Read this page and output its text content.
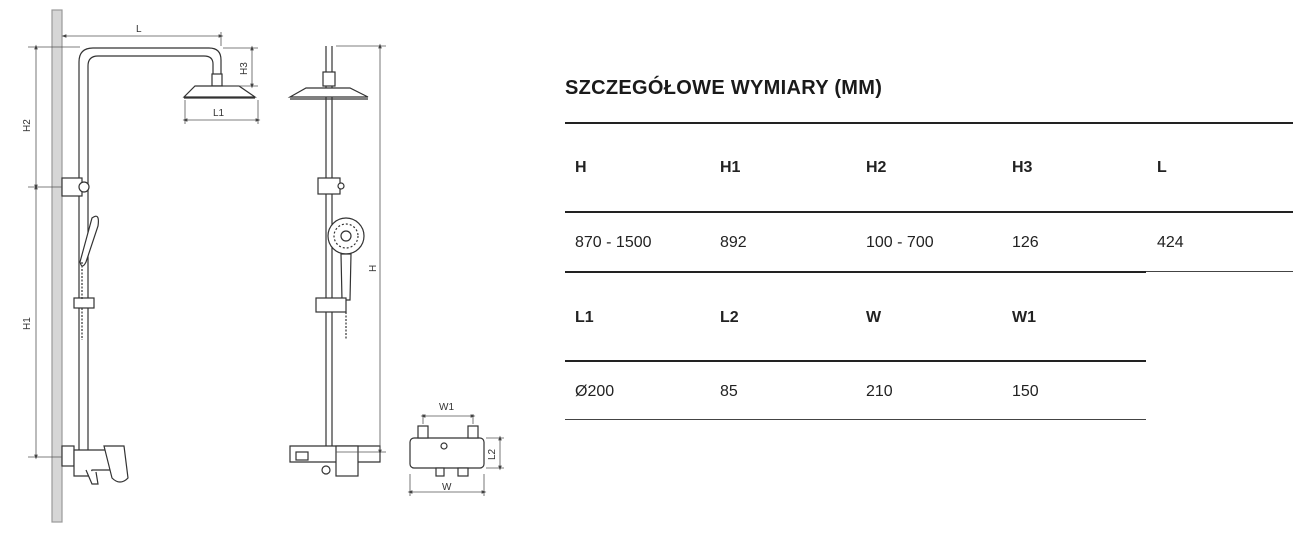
L
H3
L1
H2
H1
H
W1
W
L2
SZCZEGÓŁOWE WYMIARY (MM)
H	H1	H2	H3	L
870 - 1500	892	100 - 700	126	424
L1	L2	W	W1
Ø200	85	210	150
